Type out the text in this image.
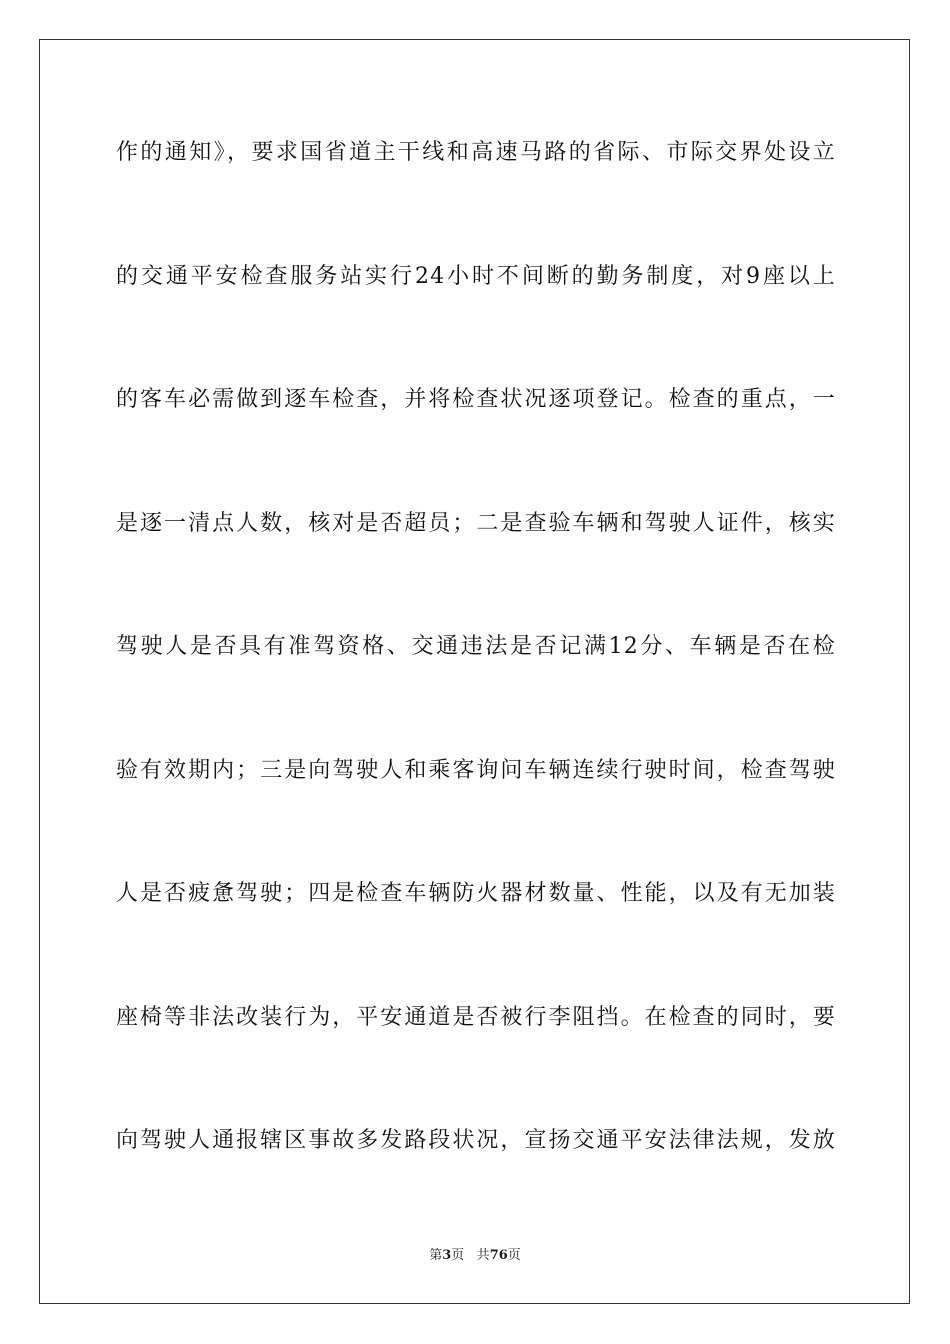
作的通知》，要求国省道主干线和高速马路的省际、市际交界处设立
的交通平安检查服务站实行24小时不间断的勤务制度，对9座以上
的客车必需做到逐车检查，并将检查状况逐项登记。检查的重点，一
是逐一清点人数，核对是否超员；二是查验车辆和驾驶人证件，核实
驾驶人是否具有准驾资格、交通违法是否记满12分、车辆是否在检
验有效期内；三是向驾驶人和乘客询问车辆连续行驶时间，检查驾驶
人是否疲惫驾驶；四是检查车辆防火器材数量、性能，以及有无加装
座椅等非法改装行为，平安通道是否被行李阻挡。在检查的同时，要
向驾驶人通报辖区事故多发路段状况，宣扬交通平安法律法规，发放
第3页 共76页
